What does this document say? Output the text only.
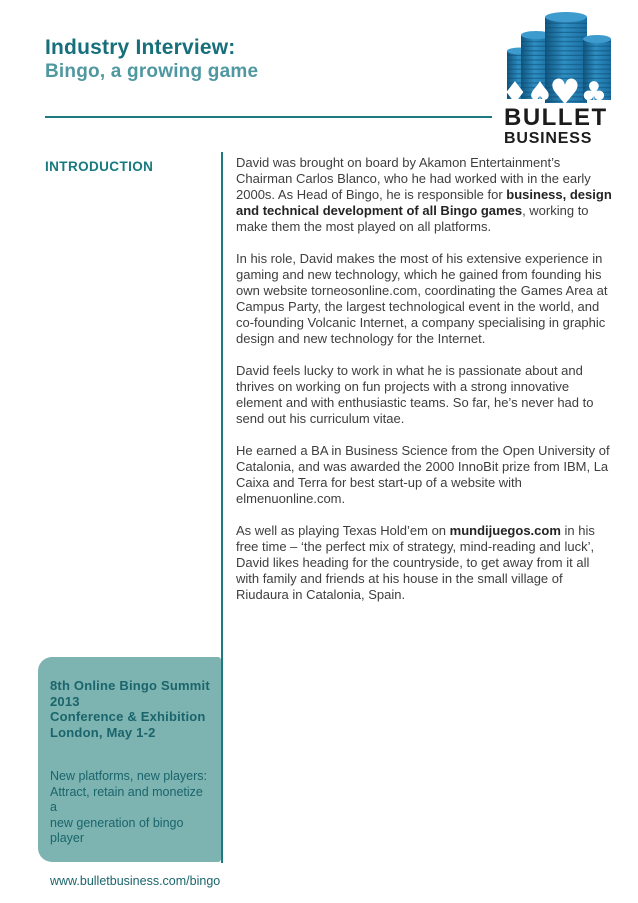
Industry Interview:
Bingo, a growing game
♦
♠
♥ ♣
BULLET
BUSINESS
INTRODUCTION	David was brought on board by Akamon Entertainment’s Chairman Carlos Blanco, who he had worked with in the early 2000s. As Head of Bingo, he is responsible for business, design and technical development of all Bingo games, working to make them the most played on all platforms.

In his role, David makes the most of his extensive experience in gaming and new technology, which he gained from founding his own website torneosonline.com, coordinating the Games Area at Campus Party, the largest technological event in the world, and co-founding Volcanic Internet, a company specialising in graphic design and new technology for the Internet.

David feels lucky to work in what he is passionate about and thrives on working on fun projects with a strong innovative element and with enthusiastic teams. So far, he’s never had to send out his curriculum vitae.

He earned a BA in Business Science from the Open University of Catalonia, and was awarded the 2000 InnoBit prize from IBM, La Caixa and Terra for best start-up of a website with elmenuonline.com.

As well as playing Texas Hold’em on mundijuegos.com in his free time – ‘the perfect mix of strategy, mind-reading and luck’, David likes heading for the countryside, to get away from it all with family and friends at his house in the small village of Riudaura in Catalonia, Spain.

8th Online Bingo Summit 2013
Conference & Exhibition
London, May 1-2
New platforms, new players:
Attract, retain and monetize a
new generation of bingo player
www.bulletbusiness.com/bingo
